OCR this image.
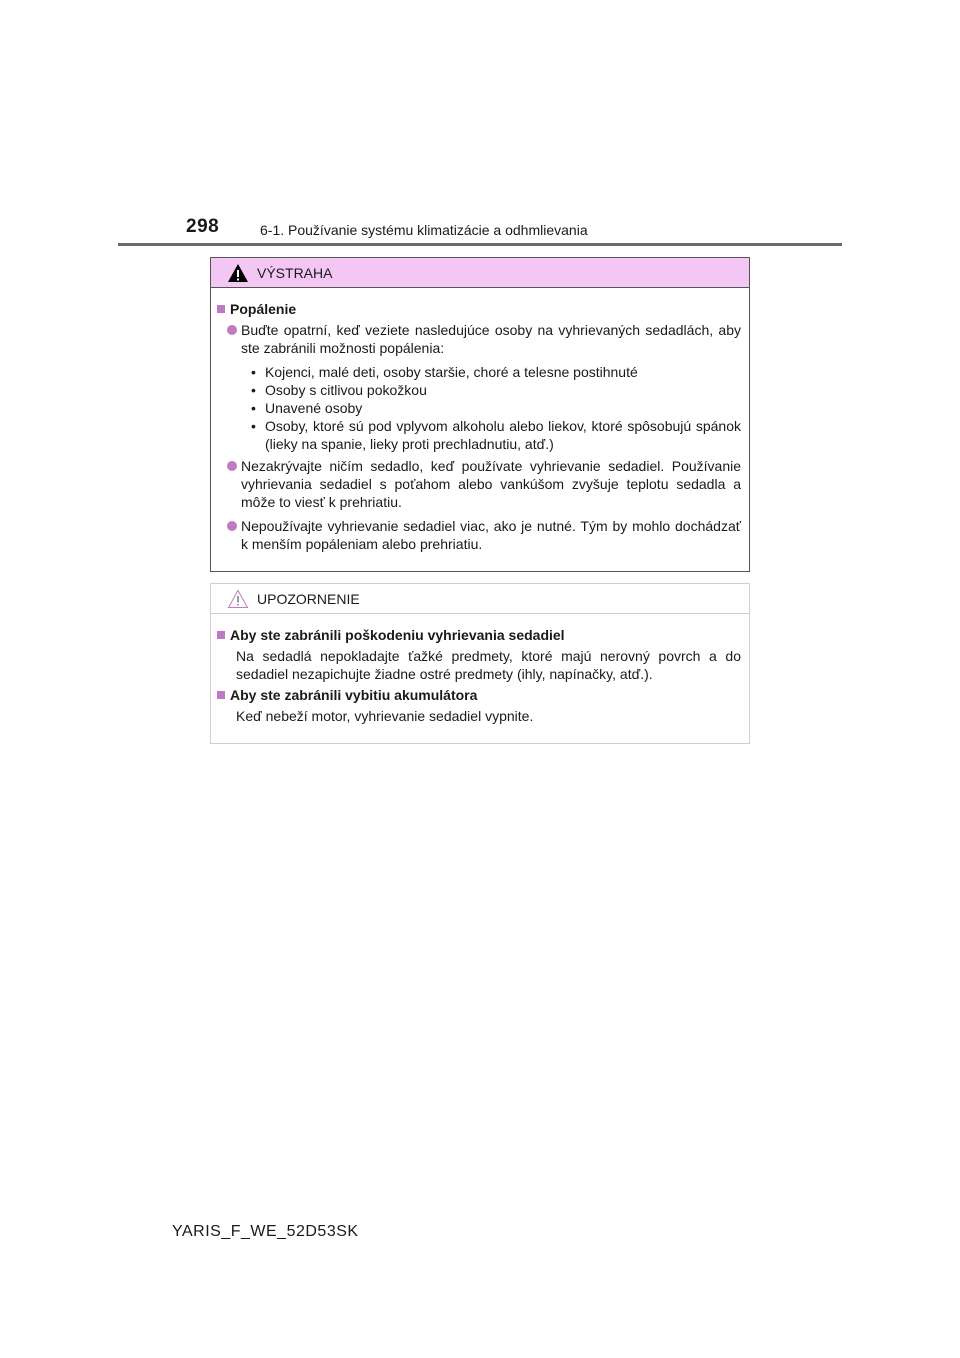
298	6-1. Používanie systému klimatizácie a odhmlievania
VÝSTRAHA
Popálenie
Buďte opatrní, keď veziete nasledujúce osoby na vyhrievaných sedadlách, aby ste zabránili možnosti popálenia:
• Kojenci, malé deti, osoby staršie, choré a telesne postihnuté
• Osoby s citlivou pokožkou
• Unavené osoby
• Osoby, ktoré sú pod vplyvom alkoholu alebo liekov, ktoré spôsobujú spánok (lieky na spanie, lieky proti prechladnutiu, atď.)
Nezakrývajte ničím sedadlo, keď používate vyhrievanie sedadiel. Používanie vyhrievania sedadiel s poťahom alebo vankúšom zvyšuje teplotu sedadla a môže to viesť k prehriatiu.
Nepoužívajte vyhrievanie sedadiel viac, ako je nutné. Tým by mohlo dochádzať k menším popáleniam alebo prehriatiu.
UPOZORNENIE
Aby ste zabránili poškodeniu vyhrievania sedadiel
Na sedadlá nepokladajte ťažké predmety, ktoré majú nerovný povrch a do sedadiel nezapichujte žiadne ostré predmety (ihly, napínačky, atď.).
Aby ste zabránili vybitiu akumulátora
Keď nebeží motor, vyhrievanie sedadiel vypnite.
YARIS_F_WE_52D53SK
